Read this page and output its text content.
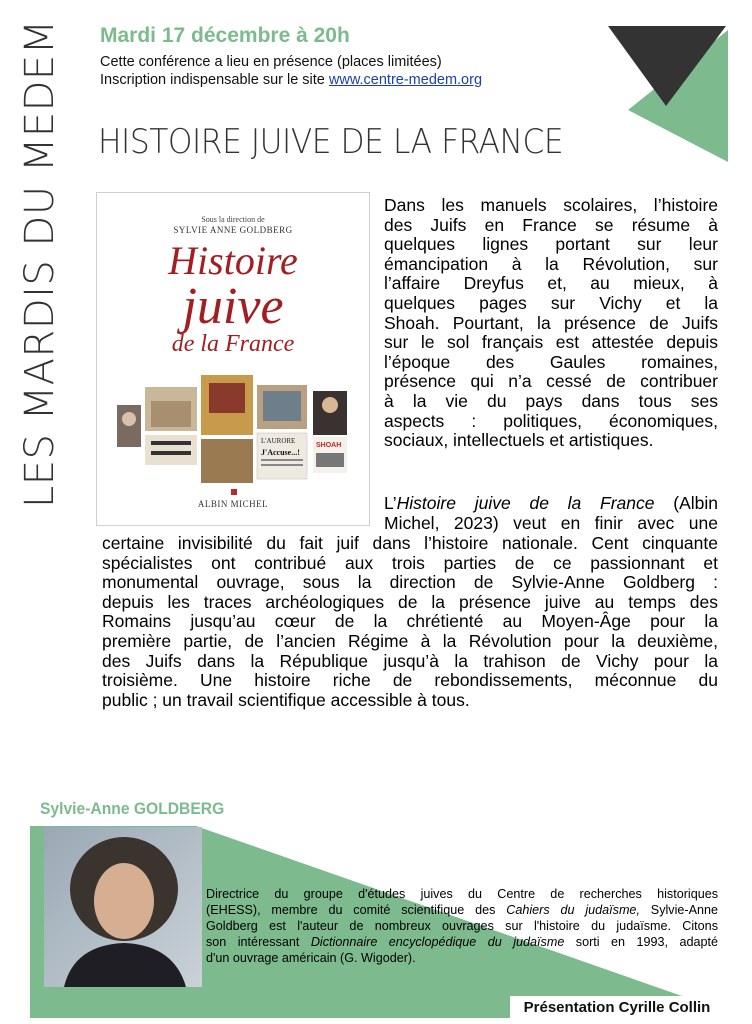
LES MARDIS DU MEDEM Mardi 17 décembre à 20h
Cette conférence a lieu en présence (places limitées)
Inscription indispensable sur le site www.centre-medem.org
HISTOIRE JUIVE DE LA FRANCE
Sous la direction de
SYLVIE ANNE GOLDBERG
Histoire
juive
de la France
L'AURORE
J'Accuse...!
SHOAH
ALBIN MICHEL
Dans les manuels scolaires, l’histoire
des Juifs en France se résume à
quelques lignes portant sur leur
émancipation à la Révolution, sur
l’affaire Dreyfus et, au mieux, à
quelques pages sur Vichy et la
Shoah. Pourtant, la présence de Juifs
sur le sol français est attestée depuis
l’époque des Gaules romaines,
présence qui n’a cessé de contribuer
à la vie du pays dans tous ses
aspects : politiques, économiques,
sociaux, intellectuels et artistiques.
L’Histoire juive de la France (Albin
Michel, 2023) veut en finir avec une
certaine invisibilité du fait juif dans l’histoire nationale. Cent cinquante
spécialistes ont contribué aux trois parties de ce passionnant et
monumental ouvrage, sous la direction de Sylvie-Anne Goldberg :
depuis les traces archéologiques de la présence juive au temps des
Romains jusqu’au cœur de la chrétienté au Moyen-Âge pour la
première partie, de l’ancien Régime à la Révolution pour la deuxième,
des Juifs dans la République jusqu’à la trahison de Vichy pour la
troisième. Une histoire riche de rebondissements, méconnue du
public ; un travail scientifique accessible à tous.
Sylvie-Anne GOLDBERG
Directrice du groupe d'études juives du Centre de recherches historiques
(EHESS), membre du comité scientifique des Cahiers du judaïsme, Sylvie-Anne
Goldberg est l'auteur de nombreux ouvrages sur l'histoire du judaïsme. Citons
son intéressant Dictionnaire encyclopédique du judaïsme sorti en 1993, adapté
d'un ouvrage américain (G. Wigoder).
Présentation Cyrille Collin
